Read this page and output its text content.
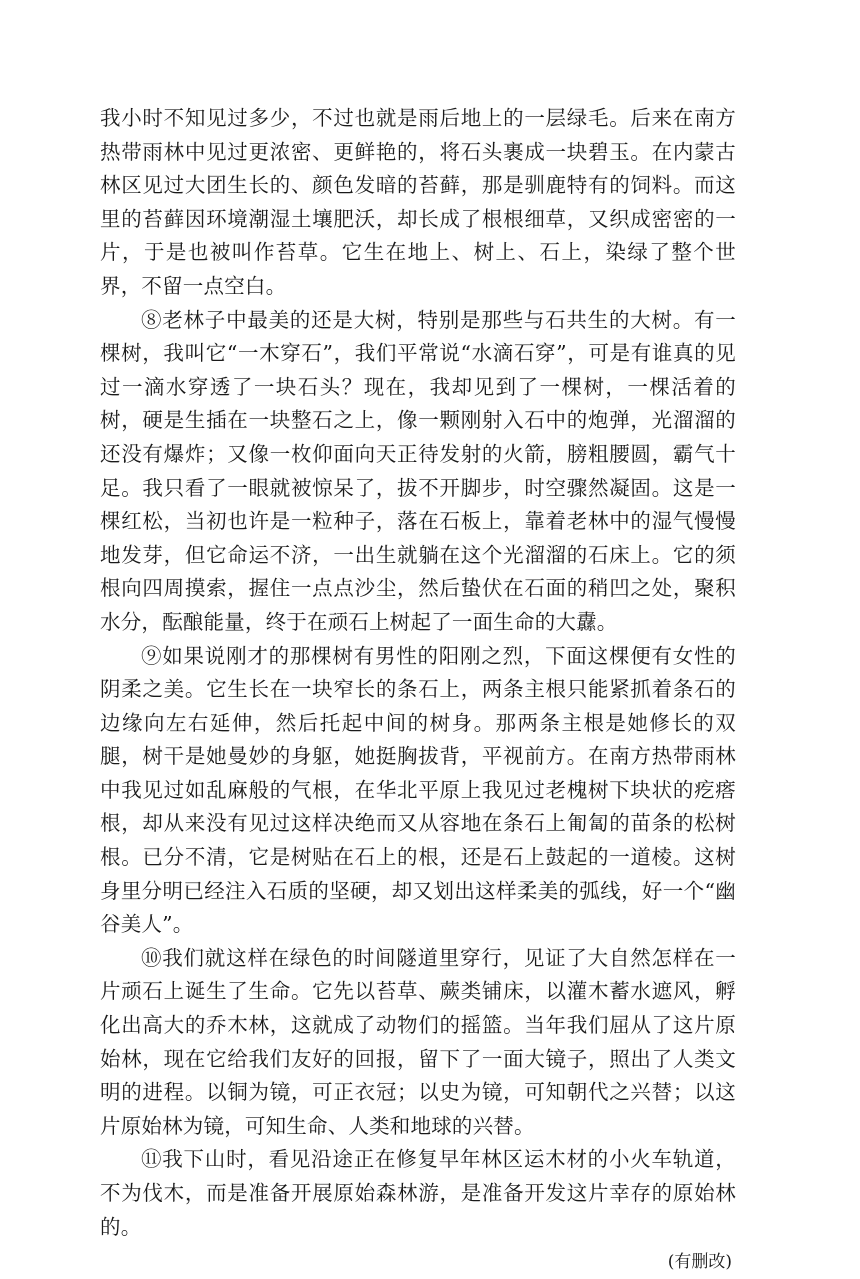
我小时不知见过多少，不过也就是雨后地上的一层绿毛。后来在南方热带雨林中见过更浓密、更鲜艳的，将石头裹成一块碧玉。在内蒙古林区见过大团生长的、颜色发暗的苔藓，那是驯鹿特有的饲料。而这里的苔藓因环境潮湿土壤肥沃，却长成了根根细草，又织成密密的一片，于是也被叫作苔草。它生在地上、树上、石上，染绿了整个世界，不留一点空白。

⑧老林子中最美的还是大树，特别是那些与石共生的大树。有一棵树，我叫它“一木穿石”，我们平常说“水滴石穿”，可是有谁真的见过一滴水穿透了一块石头？现在，我却见到了一棵树，一棵活着的树，硬是生插在一块整石之上，像一颗刚射入石中的炮弹，光溜溜的还没有爆炸；又像一枚仰面向天正待发射的火箭，膀粗腰圆，霸气十足。我只看了一眼就被惊呆了，拔不开脚步，时空骤然凝固。这是一棵红松，当初也许是一粒种子，落在石板上，靠着老林中的湿气慢慢地发芽，但它命运不济，一出生就躺在这个光溜溜的石床上。它的须根向四周摸索，握住一点点沙尘，然后蛰伏在石面的稍凹之处，聚积水分，酝酿能量，终于在顽石上树起了一面生命的大纛。

⑨如果说刚才的那棵树有男性的阳刚之烈，下面这棵便有女性的阴柔之美。它生长在一块窄长的条石上，两条主根只能紧抓着条石的边缘向左右延伸，然后托起中间的树身。那两条主根是她修长的双腿，树干是她曼妙的身躯，她挺胸拔背，平视前方。在南方热带雨林中我见过如乱麻般的气根，在华北平原上我见过老槐树下块状的疙瘩根，却从来没有见过这样决绝而又从容地在条石上匍匐的苗条的松树根。已分不清，它是树贴在石上的根，还是石上鼓起的一道棱。这树身里分明已经注入石质的坚硬，却又划出这样柔美的弧线，好一个“幽谷美人”。

⑩我们就这样在绿色的时间隧道里穿行，见证了大自然怎样在一片顽石上诞生了生命。它先以苔草、蕨类铺床，以灌木蓄水遮风，孵化出高大的乔木林，这就成了动物们的摇篮。当年我们屈从了这片原始林，现在它给我们友好的回报，留下了一面大镜子，照出了人类文明的进程。以铜为镜，可正衣冠；以史为镜，可知朝代之兴替；以这片原始林为镜，可知生命、人类和地球的兴替。

⑪我下山时，看见沿途正在修复早年林区运木材的小火车轨道，不为伐木，而是准备开展原始森林游，是准备开发这片幸存的原始林的。

(有删改)
